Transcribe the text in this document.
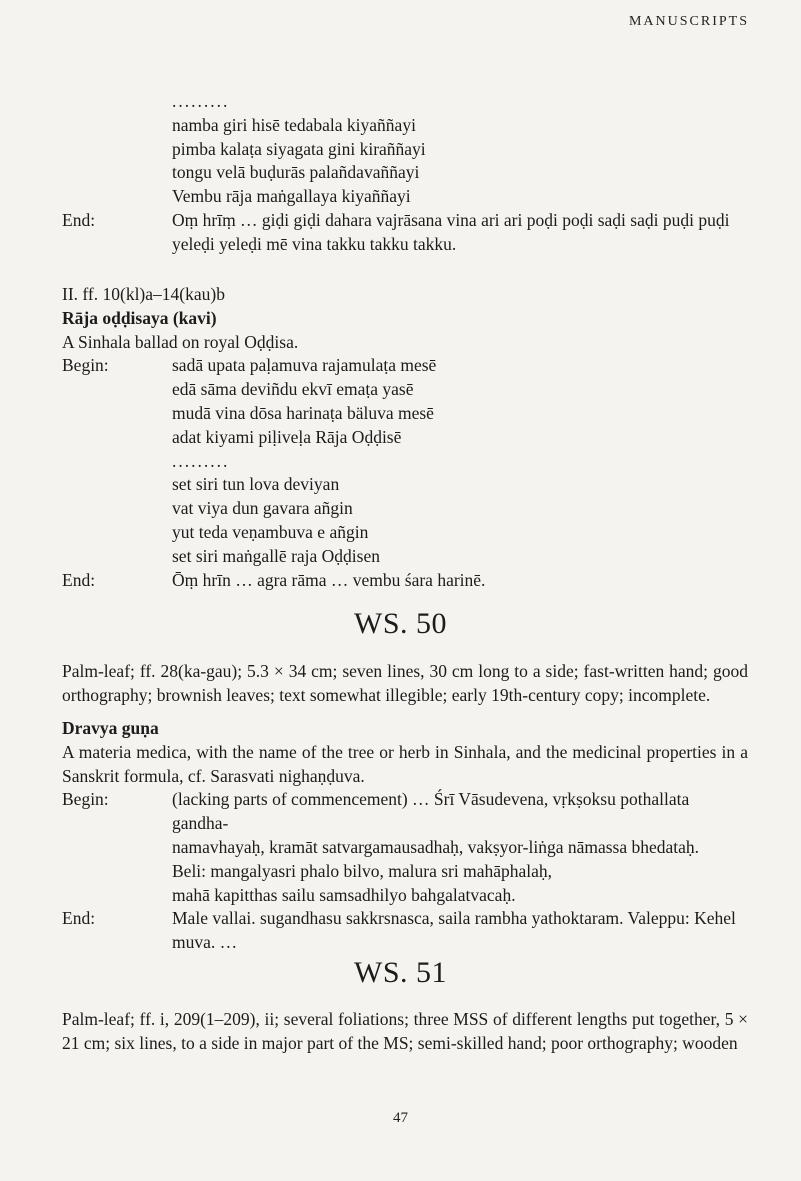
MANUSCRIPTS
.........
namba giri hisē tedabala kiyaññayi
pimba kalaṭa siyagata gini kiraññayi
tongu velā buḍurās palañdavaññayi
Vembu rāja maṅgallaya kiyaññayi
End:	Oṃ hrīṃ … giḍi giḍi dahara vajrāsana vina ari ari poḍi poḍi saḍi saḍi puḍi puḍi
yeleḍi yeleḍi mē vina takku takku takku.
II. ff. 10(kl)a–14(kau)b
Rāja oḍḍisaya (kavi)
A Sinhala ballad on royal Oḍḍisa.
Begin:	sadā upata paḷamuva rajamulaṭa mesē
edā sāma deviñdu ekvī emaṭa yasē
mudā vina dōsa harinaṭa bäluva mesē
adat kiyami piḷiveḷa Rāja Oḍḍisē
.........
set siri tun lova deviyan
vat viya dun gavara añgin
yut teda veṇambuva e añgin
set siri maṅgallē raja Oḍḍisen
End:	Ōṃ hrīn … agra rāma … vembu śara harinē.
WS. 50
Palm-leaf; ff. 28(ka-gau); 5.3 × 34 cm; seven lines, 30 cm long to a side; fast-written hand; good orthography; brownish leaves; text somewhat illegible; early 19th-century copy; incomplete.
Dravya guṇa
A materia medica, with the name of the tree or herb in Sinhala, and the medicinal properties in a Sanskrit formula, cf. Sarasvati nighaṇḍuva.
Begin:	(lacking parts of commencement) … Śrī Vāsudevena, vṛkṣoksu pothallata gandha-
namavhayaḥ, kramāt satvargamausadhaḥ, vakṣyor-liṅga nāmassa bhedataḥ.
Beli: mangalyasri phalo bilvo, malura sri mahāphalaḥ,
mahā kapitthas sailu samsadhilyo bahgalatvacaḥ.
End:	Male vallai. sugandhasu sakkrsnasca, saila rambha yathoktaram. Valeppu: Kehel
muva. …
WS. 51
Palm-leaf; ff. i, 209(1–209), ii; several foliations; three MSS of different lengths put together, 5 × 21 cm; six lines, to a side in major part of the MS; semi-skilled hand; poor orthography; wooden
47
